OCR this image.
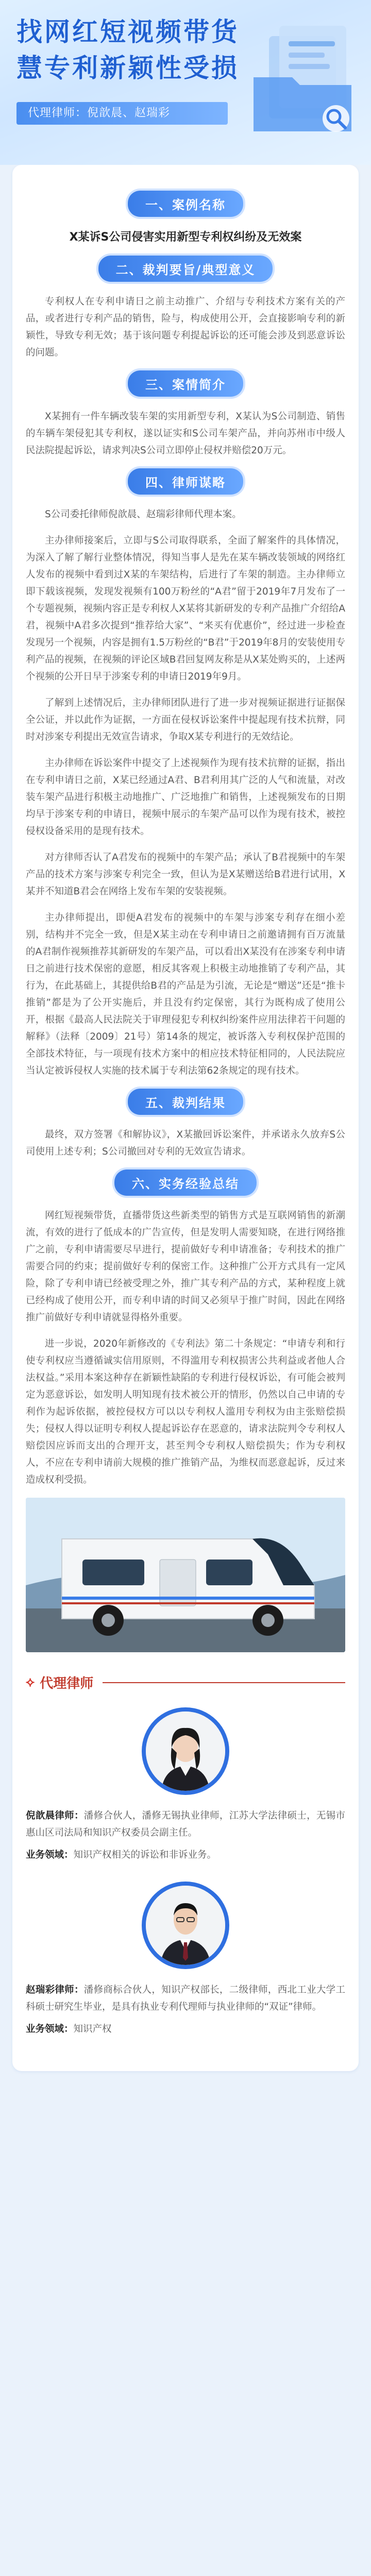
找网红短视频带货
慧专利新颖性受损
代理律师：倪歆晨、赵瑞彩
一、案例名称
X某诉S公司侵害实用新型专利权纠纷及无效案
二、裁判要旨/典型意义

专利权人在专利申请日之前主动推广、介绍与专利技术方案有关的产品，或者进行专利产品的销售，险与，构成使用公开，会直接影响专利的新颖性，导致专利无效；基于该问题专利提起诉讼的还可能会涉及到恶意诉讼的问题。

三、案情简介

X某拥有一件车辆改装车架的实用新型专利，X某认为S公司制造、销售的车辆车架侵犯其专利权，遂以证实和S公司车架产品，并向苏州市中级人民法院提起诉讼，请求判决S公司立即停止侵权并赔偿20万元。

四、律师谋略

S公司委托律师倪歆晨、赵瑞彩律师代理本案。

主办律师接案后，立即与S公司取得联系，全面了解案件的具体情况，为深入了解了解行业整体情况，得知当事人是先在某车辆改装领域的网络红人发布的视频中看到过X某的车架结构，后进行了车架的制造。主办律师立即下载该视频，发现发视频有100万粉丝的“A君”留于2019年7月发布了一个专题视频，视频内容正是专利权人X某将其新研发的专利产品推广介绍给A君，视频中A君多次提到“推荐给大家”、“来买有优惠价”，经过进一步检查发现另一个视频，内容是拥有1.5万粉丝的“B君”于2019年8月的安装使用专利产品的视频，在视频的评论区域B君回复网友称是从X某处购买的，上述两个视频的公开日早于涉案专利的申请日2019年9月。

了解到上述情况后，主办律师团队进行了进一步对视频证据进行证据保全公证，并以此作为证据，一方面在侵权诉讼案件中提起现有技术抗辩，同时对涉案专利提出无效宣告请求，争取X某专利进行的无效结论。

主办律师在诉讼案件中提交了上述视频作为现有技术抗辩的证据，指出在专利申请日之前，X某已经通过A君、B君利用其广泛的人气和流量，对改装车架产品进行积极主动地推广、广泛地推广和销售，上述视频发布的日期均早于涉案专利的申请日，视频中展示的车架产品可以作为现有技术，被控侵权设备采用的是现有技术。

对方律师否认了A君发布的视频中的车架产品；承认了B君视频中的车架产品的技术方案与涉案专利完全一致，但认为是X某赠送给B君进行试用，X某并不知道B君会在网络上发布车架的安装视频。

主办律师提出，即便A君发布的视频中的车架与涉案专利存在细小差别，结构并不完全一致，但是X某主动在专利申请日之前邀请拥有百万流量的A君制作视频推荐其新研发的车架产品，可以看出X某没有在涉案专利申请日之前进行技术保密的意愿，相反其客观上积极主动地推销了专利产品，其行为，在此基础上，其提供给B君的产品是为引流，无论是“赠送”还是“推卡推销”都是为了公开实施后，并且没有约定保密，其行为既构成了使用公开，根据《最高人民法院关于审理侵犯专利权纠纷案件应用法律若干问题的解释》（法释〔2009〕21号）第14条的规定，被诉落入专利权保护范围的全部技术特征，与一项现有技术方案中的相应技术特征相同的，人民法院应当认定被诉侵权人实施的技术属于专利法第62条规定的现有技术。

五、裁判结果

最终，双方签署《和解协议》，X某撤回诉讼案件，并承诺永久放弃S公司使用上述专利；S公司撤回对专利的无效宣告请求。

六、实务经验总结

网红短视频带货，直播带货这些新类型的销售方式是互联网销售的新潮流，有效的进行了低成本的广告宣传，但是发明人需要知晓，在进行网络推广之前，专利申请需要尽早进行，提前做好专利申请准备；专利技术的推广需要合同的约束；提前做好专利的保密工作。这种推广公开方式具有一定风险，除了专利申请已经被受理之外，推广其专利产品的方式，某种程度上就已经构成了使用公开，而专利申请的时间又必须早于推广时间，因此在网络推广前做好专利申请就显得格外重要。

进一步说，2020年新修改的《专利法》第二十条规定：“申请专利和行使专利权应当遵循诚实信用原则，不得滥用专利权损害公共利益或者他人合法权益。”采用本案这种存在新颖性缺陷的专利进行侵权诉讼，有可能会被判定为恶意诉讼，如发明人明知现有技术被公开的情形，仍然以自己申请的专利作为起诉依据，被控侵权方可以以专利权人滥用专利权为由主张赔偿损失；侵权人得以证明专利权人提起诉讼存在恶意的，请求法院判令专利权人赔偿因应诉而支出的合理开支，甚至判令专利权人赔偿损失；作为专利权人，不应在专利申请前大规模的推广推销产品，为维权而恶意起诉，反过来造成权利受损。

⟡ 代理律师

倪歆晨律师：潘修合伙人，潘修无锡执业律师，江苏大学法律硕士，无锡市惠山区司法局和知识产权委员会副主任。

业务领域：知识产权相关的诉讼和非诉业务。

赵瑞彩律师：潘修商标合伙人，知识产权部长，二级律师，西北工业大学工科硕士研究生毕业，是具有执业专利代理师与执业律师的“双证”律师。

业务领域：知识产权
